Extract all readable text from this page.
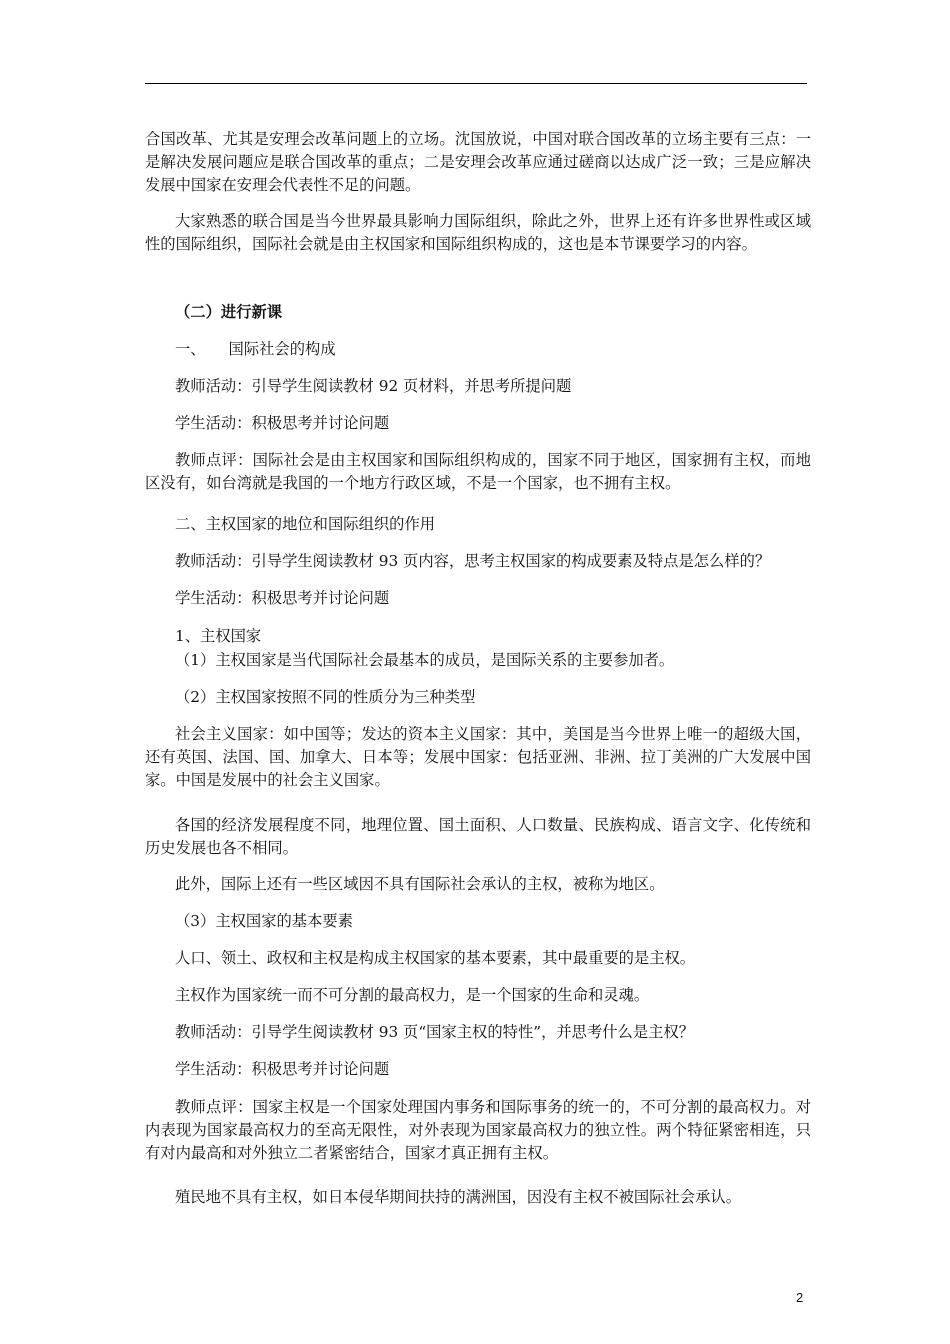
合国改革、尤其是安理会改革问题上的立场。沈国放说，中国对联合国改革的立场主要有三点：一是解决发展问题应是联合国改革的重点；二是安理会改革应通过磋商以达成广泛一致；三是应解决发展中国家在安理会代表性不足的问题。

大家熟悉的联合国是当今世界最具影响力国际组织，除此之外，世界上还有许多世界性或区域性的国际组织，国际社会就是由主权国家和国际组织构成的，这也是本节课要学习的内容。

（二）进行新课

一、　　国际社会的构成

教师活动：引导学生阅读教材 92 页材料，并思考所提问题

学生活动：积极思考并讨论问题

教师点评：国际社会是由主权国家和国际组织构成的，国家不同于地区，国家拥有主权，而地区没有，如台湾就是我国的一个地方行政区域，不是一个国家，也不拥有主权。

二、主权国家的地位和国际组织的作用

教师活动：引导学生阅读教材 93 页内容，思考主权国家的构成要素及特点是怎么样的？

学生活动：积极思考并讨论问题

1、主权国家

（1）主权国家是当代国际社会最基本的成员，是国际关系的主要参加者。

（2）主权国家按照不同的性质分为三种类型

社会主义国家：如中国等；发达的资本主义国家：其中，美国是当今世界上唯一的超级大国，还有英国、法国、国、加拿大、日本等；发展中国家：包括亚洲、非洲、拉丁美洲的广大发展中国家。中国是发展中的社会主义国家。

各国的经济发展程度不同，地理位置、国土面积、人口数量、民族构成、语言文字、化传统和历史发展也各不相同。

此外，国际上还有一些区域因不具有国际社会承认的主权，被称为地区。

（3）主权国家的基本要素

人口、领土、政权和主权是构成主权国家的基本要素，其中最重要的是主权。

主权作为国家统一而不可分割的最高权力，是一个国家的生命和灵魂。

教师活动：引导学生阅读教材 93 页“国家主权的特性”，并思考什么是主权？

学生活动：积极思考并讨论问题

教师点评：国家主权是一个国家处理国内事务和国际事务的统一的，不可分割的最高权力。对内表现为国家最高权力的至高无限性，对外表现为国家最高权力的独立性。两个特征紧密相连，只有对内最高和对外独立二者紧密结合，国家才真正拥有主权。

殖民地不具有主权，如日本侵华期间扶持的满洲国，因没有主权不被国际社会承认。

2
